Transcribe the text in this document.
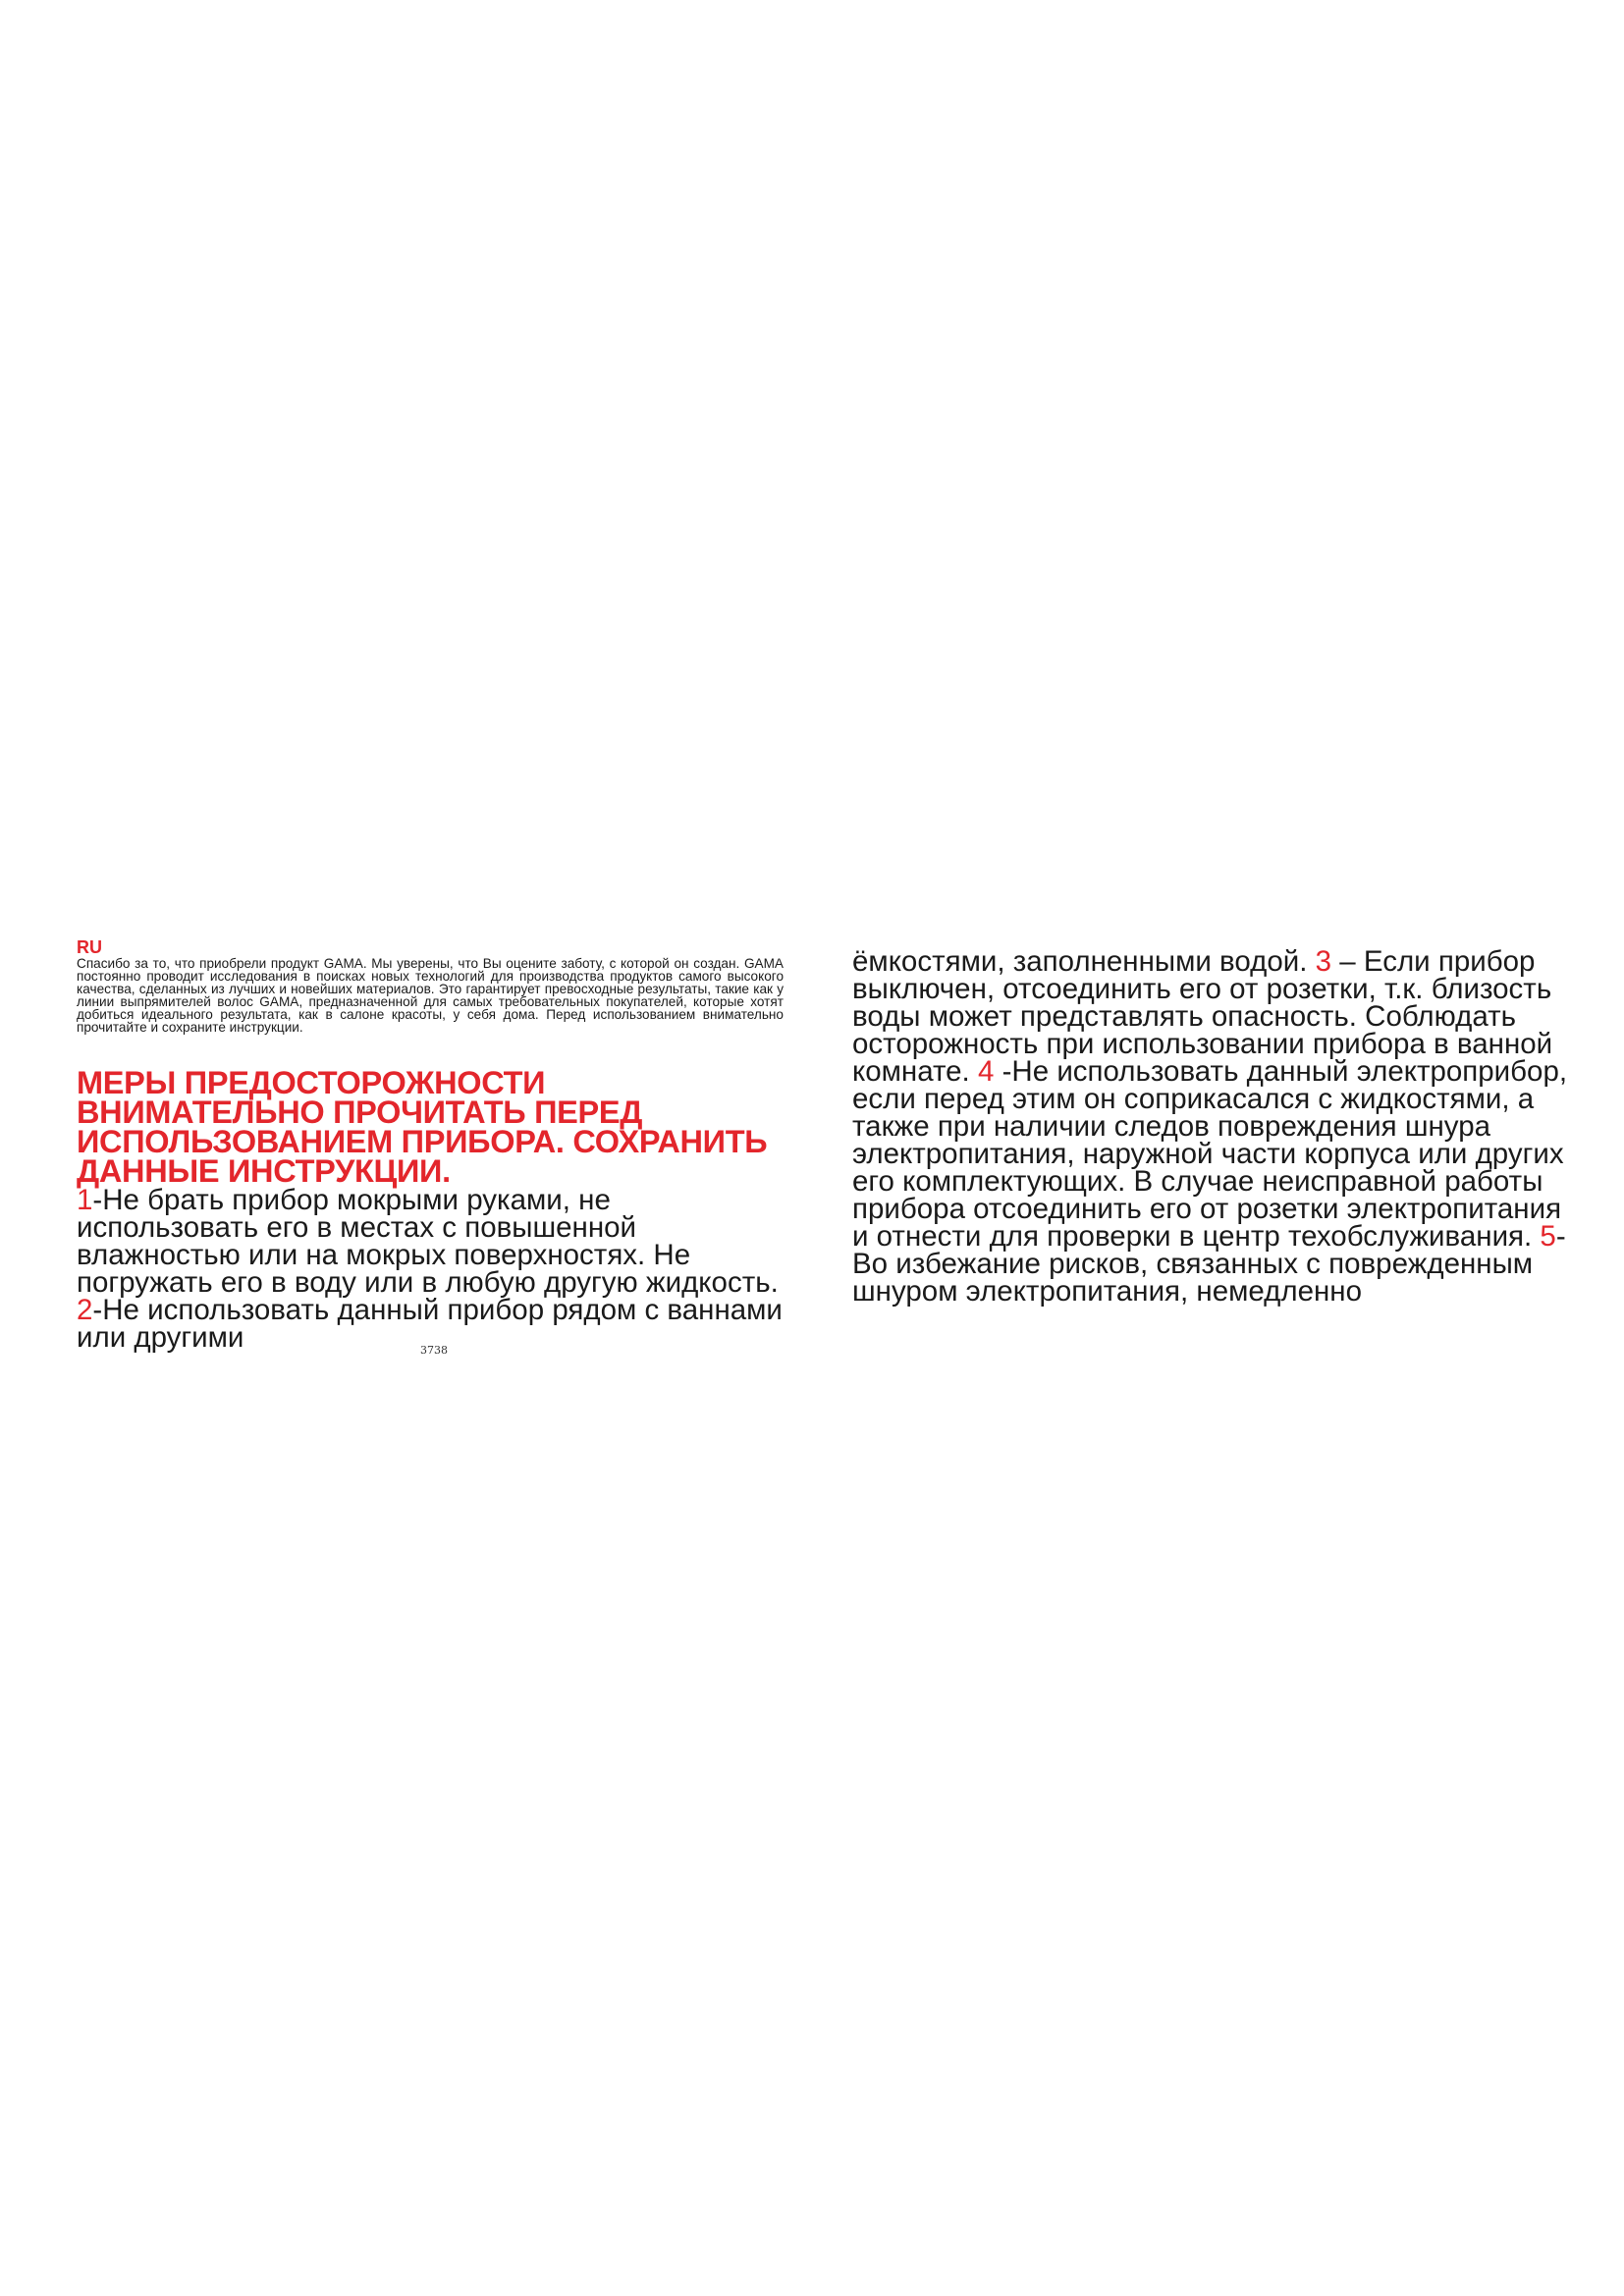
RU
Спасибо за то, что приобрели продукт GAMA. Мы уверены, что Вы оцените заботу, с которой он создан. GAMA постоянно проводит исследования в поисках новых технологий для производства продуктов самого высокого качества, сделанных из лучших и новейших материалов. Это гарантирует превосходные результаты, такие как у линии выпрямителей волос GAMA, предназначенной для самых требовательных покупателей, которые хотят добиться идеального результата, как в салоне красоты, у себя дома. Перед использованием внимательно прочитайте и сохраните инструкции.
МЕРЫ ПРЕДОСТОРОЖНОСТИ ВНИМАТЕЛЬНО ПРОЧИТАТЬ ПЕРЕД ИСПОЛЬЗОВАНИЕМ ПРИБОРА. СОХРАНИТЬ ДАННЫЕ ИНСТРУКЦИИ.
1-Не брать прибор мокрыми руками, не использовать его в местах с повышенной влажностью или на мокрых поверхностях. Не погружать его в воду или в любую другую жидкость. 2-Не использовать данный прибор рядом с ваннами или другими	3738
ёмкостями, заполненными водой. 3 – Если прибор выключен, отсоединить его от розетки, т.к. близость воды может представлять опасность. Соблюдать осторожность при использовании прибора в ванной комнате. 4 -Не использовать данный электроприбор, если перед этим он соприкасался с жидкостями, а также при наличии следов повреждения шнура электропитания, наружной части корпуса или других его комплектующих. В случае неисправной работы прибора отсоединить его от розетки электропитания и отнести для проверки в центр техобслуживания. 5-Во избежание рисков, связанных с поврежденным шнуром электропитания, немедленно
